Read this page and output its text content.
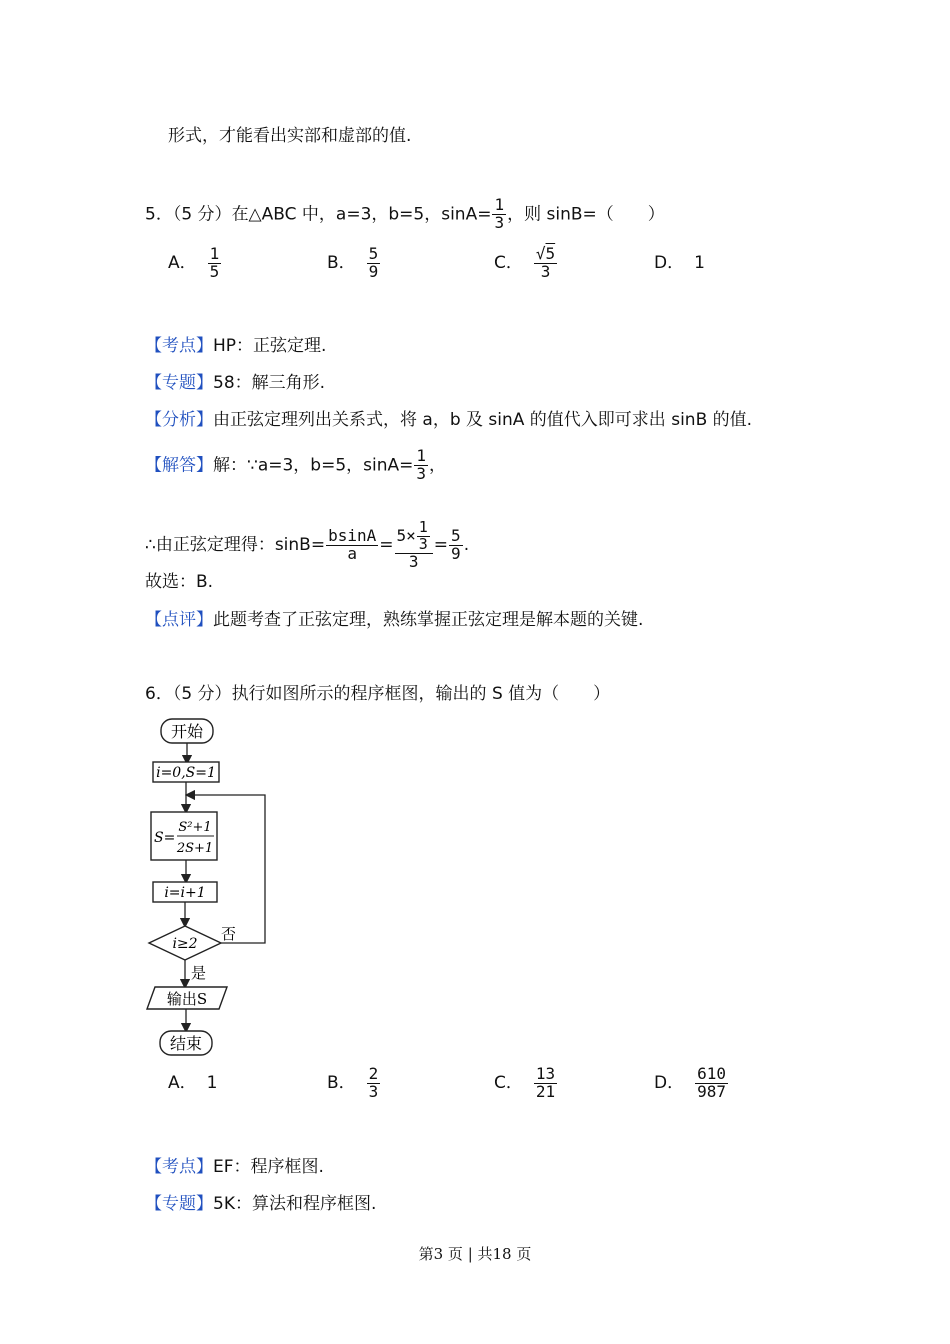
形式，才能看出实部和虚部的值.
5．（5 分）在△ABC 中，a=3，b=5，$\sin A= \frac{1}{3}$ ，则 sinB=（　　）
A． $\frac{1}{5}$	B． $\frac{5}{9}$	C． $\frac{√5}{3}$	D． 1
【考点】HP：正弦定理.
【专题】58：解三角形.
【分析】由正弦定理列出关系式，将 a，b 及 sinA 的值代入即可求出 sinB 的值.
【解答】解：∵a=3，b=5，$\sin A= \frac{1}{3}$ ，
∴由正弦定理得：$\sin B= \frac{bsinA}{a} = \frac{5\times \frac{1}{3}}{3} = \frac{5}{9}$ .
故选：B.
【点评】此题考查了正弦定理，熟练掌握正弦定理是解本题的关键.
6．（5 分）执行如图所示的程序框图，输出的 S 值为（　　）
开始
i=0,S=1
S=
S²+1
2S+1
i=i+1
i≥2
否
是
输出S
结束
A． 1	B． $\frac{2}{3}$	C． $\frac{13}{21}$	D． $\frac{610}{987}$
【考点】EF：程序框图.
【专题】5K：算法和程序框图.
第3 页 | 共18 页
